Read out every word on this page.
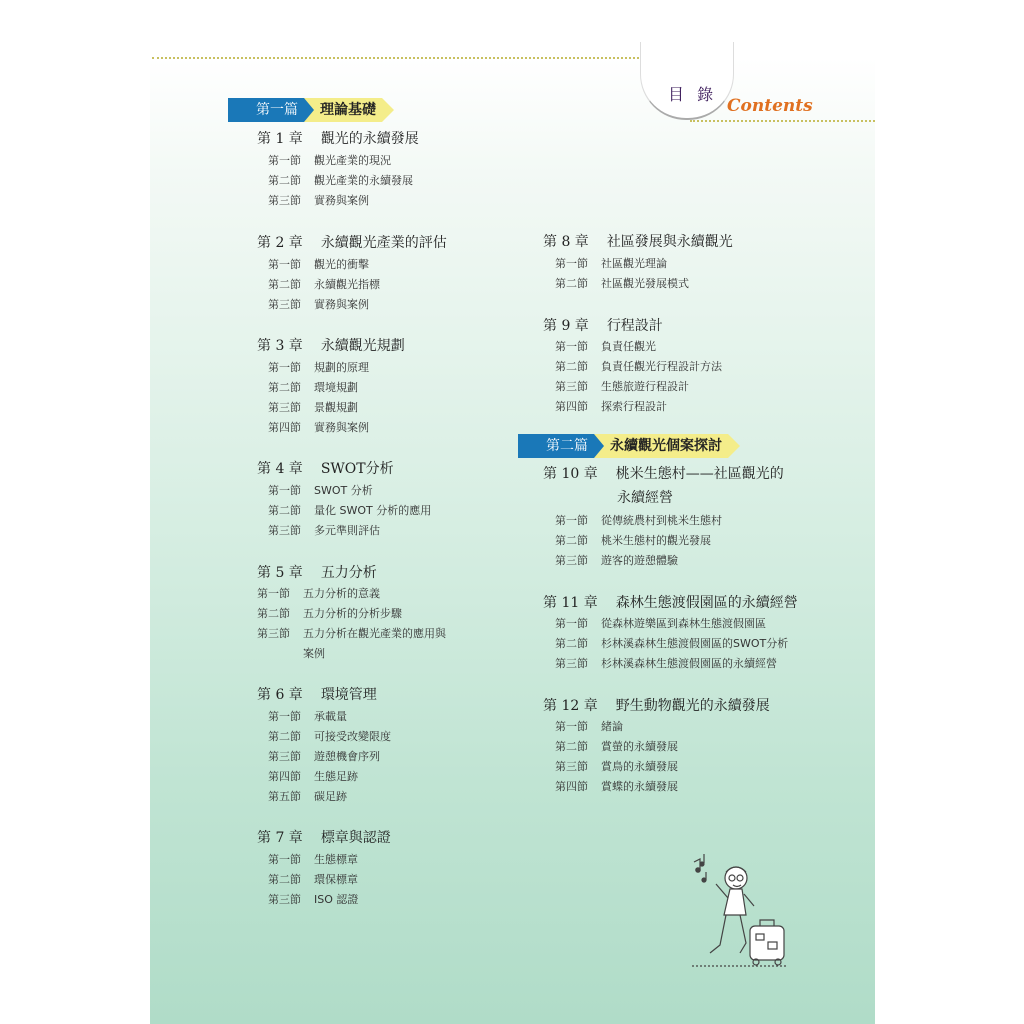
目 錄
Contents
第一篇	理論基礎
第二篇	永續觀光個案探討
第 1 章 觀光的永續發展
第一節 觀光產業的現況
第二節 觀光產業的永續發展
第三節 實務與案例
第 2 章 永續觀光產業的評估
第一節 觀光的衝擊
第二節 永續觀光指標
第三節 實務與案例
第 3 章 永續觀光規劃
第一節 規劃的原理
第二節 環境規劃
第三節 景觀規劃
第四節 實務與案例
第 4 章 SWOT分析
第一節 SWOT 分析
第二節 量化 SWOT 分析的應用
第三節 多元準則評估
第 5 章 五力分析
第一節 五力分析的意義
第二節 五力分析的分析步驟
第三節 五力分析在觀光產業的應用與
案例
第 6 章 環境管理
第一節 承載量
第二節 可接受改變限度
第三節 遊憩機會序列
第四節 生態足跡
第五節 碳足跡
第 7 章 標章與認證
第一節 生態標章
第二節 環保標章
第三節 ISO 認證
第 8 章 社區發展與永續觀光
第一節 社區觀光理論
第二節 社區觀光發展模式
第 9 章 行程設計
第一節 負責任觀光
第二節 負責任觀光行程設計方法
第三節 生態旅遊行程設計
第四節 探索行程設計
第 10 章 桃米生態村——社區觀光的
永續經營
第一節 從傳統農村到桃米生態村
第二節 桃米生態村的觀光發展
第三節 遊客的遊憩體驗
第 11 章 森林生態渡假園區的永續經營
第一節 從森林遊樂區到森林生態渡假園區
第二節 杉林溪森林生態渡假園區的SWOT分析
第三節 杉林溪森林生態渡假園區的永續經營
第 12 章 野生動物觀光的永續發展
第一節 緒論
第二節 賞螢的永續發展
第三節 賞鳥的永續發展
第四節 賞蝶的永續發展
